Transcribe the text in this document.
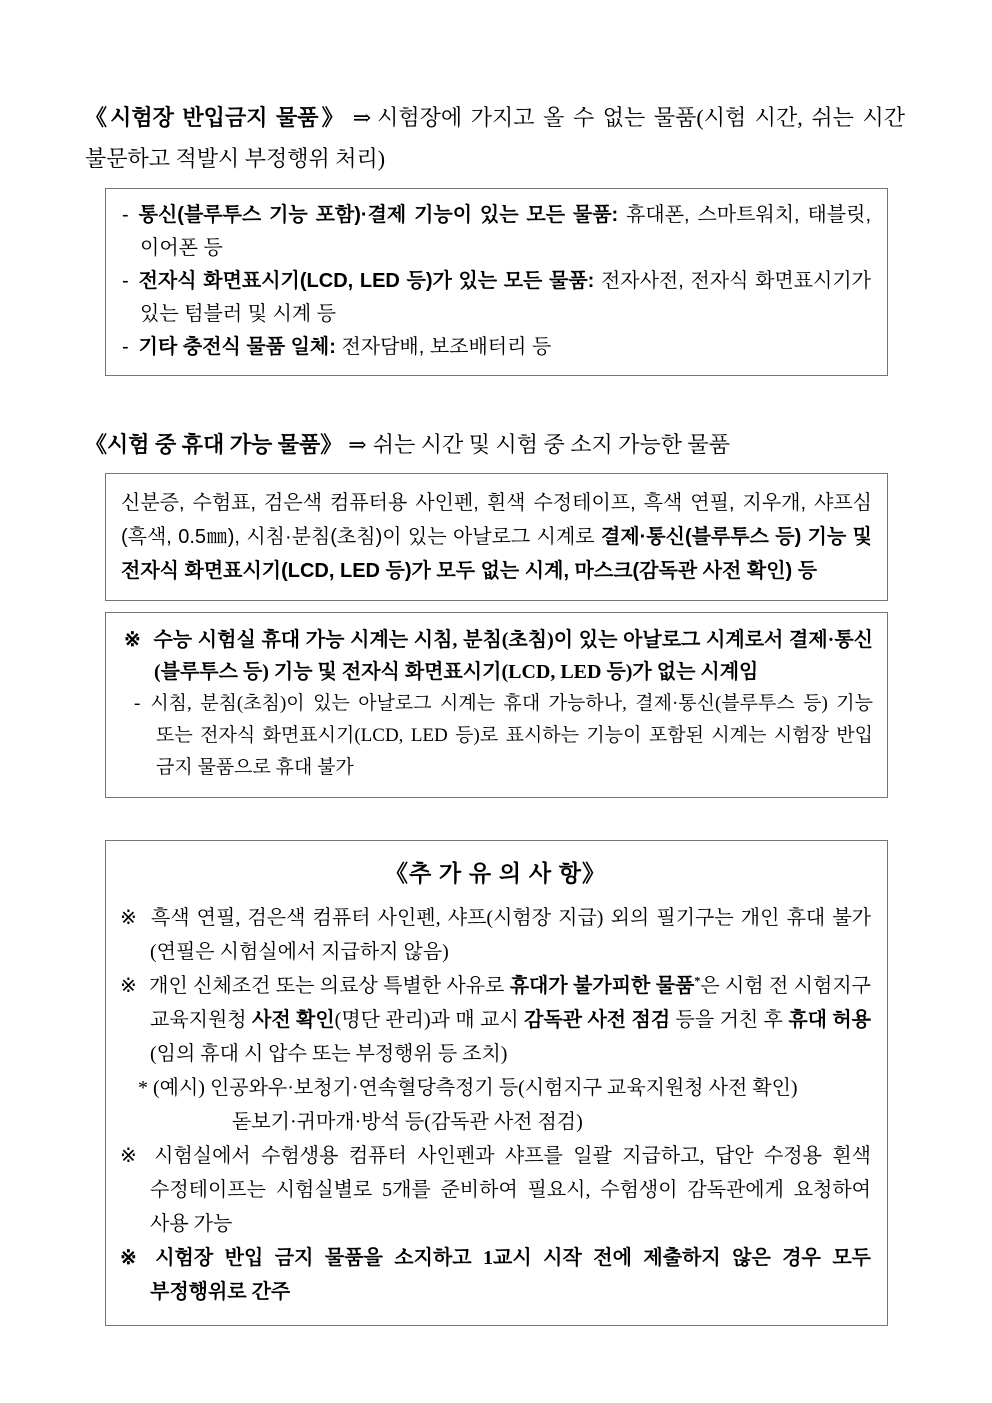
《시험장 반입금지 물품》 ⇒ 시험장에 가지고 올 수 없는 물품(시험 시간, 쉬는 시간 불문하고 적발시 부정행위 처리)

- 통신(블루투스 기능 포함)·결제 기능이 있는 모든 물품: 휴대폰, 스마트워치, 태블릿, 이어폰 등

- 전자식 화면표시기(LCD, LED 등)가 있는 모든 물품: 전자사전, 전자식 화면표시기가 있는 텀블러 및 시계 등

- 기타 충전식 물품 일체: 전자담배, 보조배터리 등

《시험 중 휴대 가능 물품》 ⇒ 쉬는 시간 및 시험 중 소지 가능한 물품

신분증, 수험표, 검은색 컴퓨터용 사인펜, 흰색 수정테이프, 흑색 연필, 지우개, 샤프심(흑색, 0.5㎜), 시침·분침(초침)이 있는 아날로그 시계로 결제·통신(블루투스 등) 기능 및 전자식 화면표시기(LCD, LED 등)가 모두 없는 시계, 마스크(감독관 사전 확인) 등

※ 수능 시험실 휴대 가능 시계는 시침, 분침(초침)이 있는 아날로그 시계로서 결제·통신(블루투스 등) 기능 및 전자식 화면표시기(LCD, LED 등)가 없는 시계임

- 시침, 분침(초침)이 있는 아날로그 시계는 휴대 가능하나, 결제·통신(블루투스 등) 기능 또는 전자식 화면표시기(LCD, LED 등)로 표시하는 기능이 포함된 시계는 시험장 반입 금지 물품으로 휴대 불가

《추 가 유 의 사 항》

※ 흑색 연필, 검은색 컴퓨터 사인펜, 샤프(시험장 지급) 외의 필기구는 개인 휴대 불가(연필은 시험실에서 지급하지 않음)

※ 개인 신체조건 또는 의료상 특별한 사유로 휴대가 불가피한 물품*은 시험 전 시험지구 교육지원청 사전 확인(명단 관리)과 매 교시 감독관 사전 점검 등을 거친 후 휴대 허용(임의 휴대 시 압수 또는 부정행위 등 조치)

* (예시) 인공와우·보청기·연속혈당측정기 등(시험지구 교육지원청 사전 확인)

돋보기·귀마개·방석 등(감독관 사전 점검)

※ 시험실에서 수험생용 컴퓨터 사인펜과 샤프를 일괄 지급하고, 답안 수정용 흰색 수정테이프는 시험실별로 5개를 준비하여 필요시, 수험생이 감독관에게 요청하여 사용 가능

※ 시험장 반입 금지 물품을 소지하고 1교시 시작 전에 제출하지 않은 경우 모두 부정행위로 간주
